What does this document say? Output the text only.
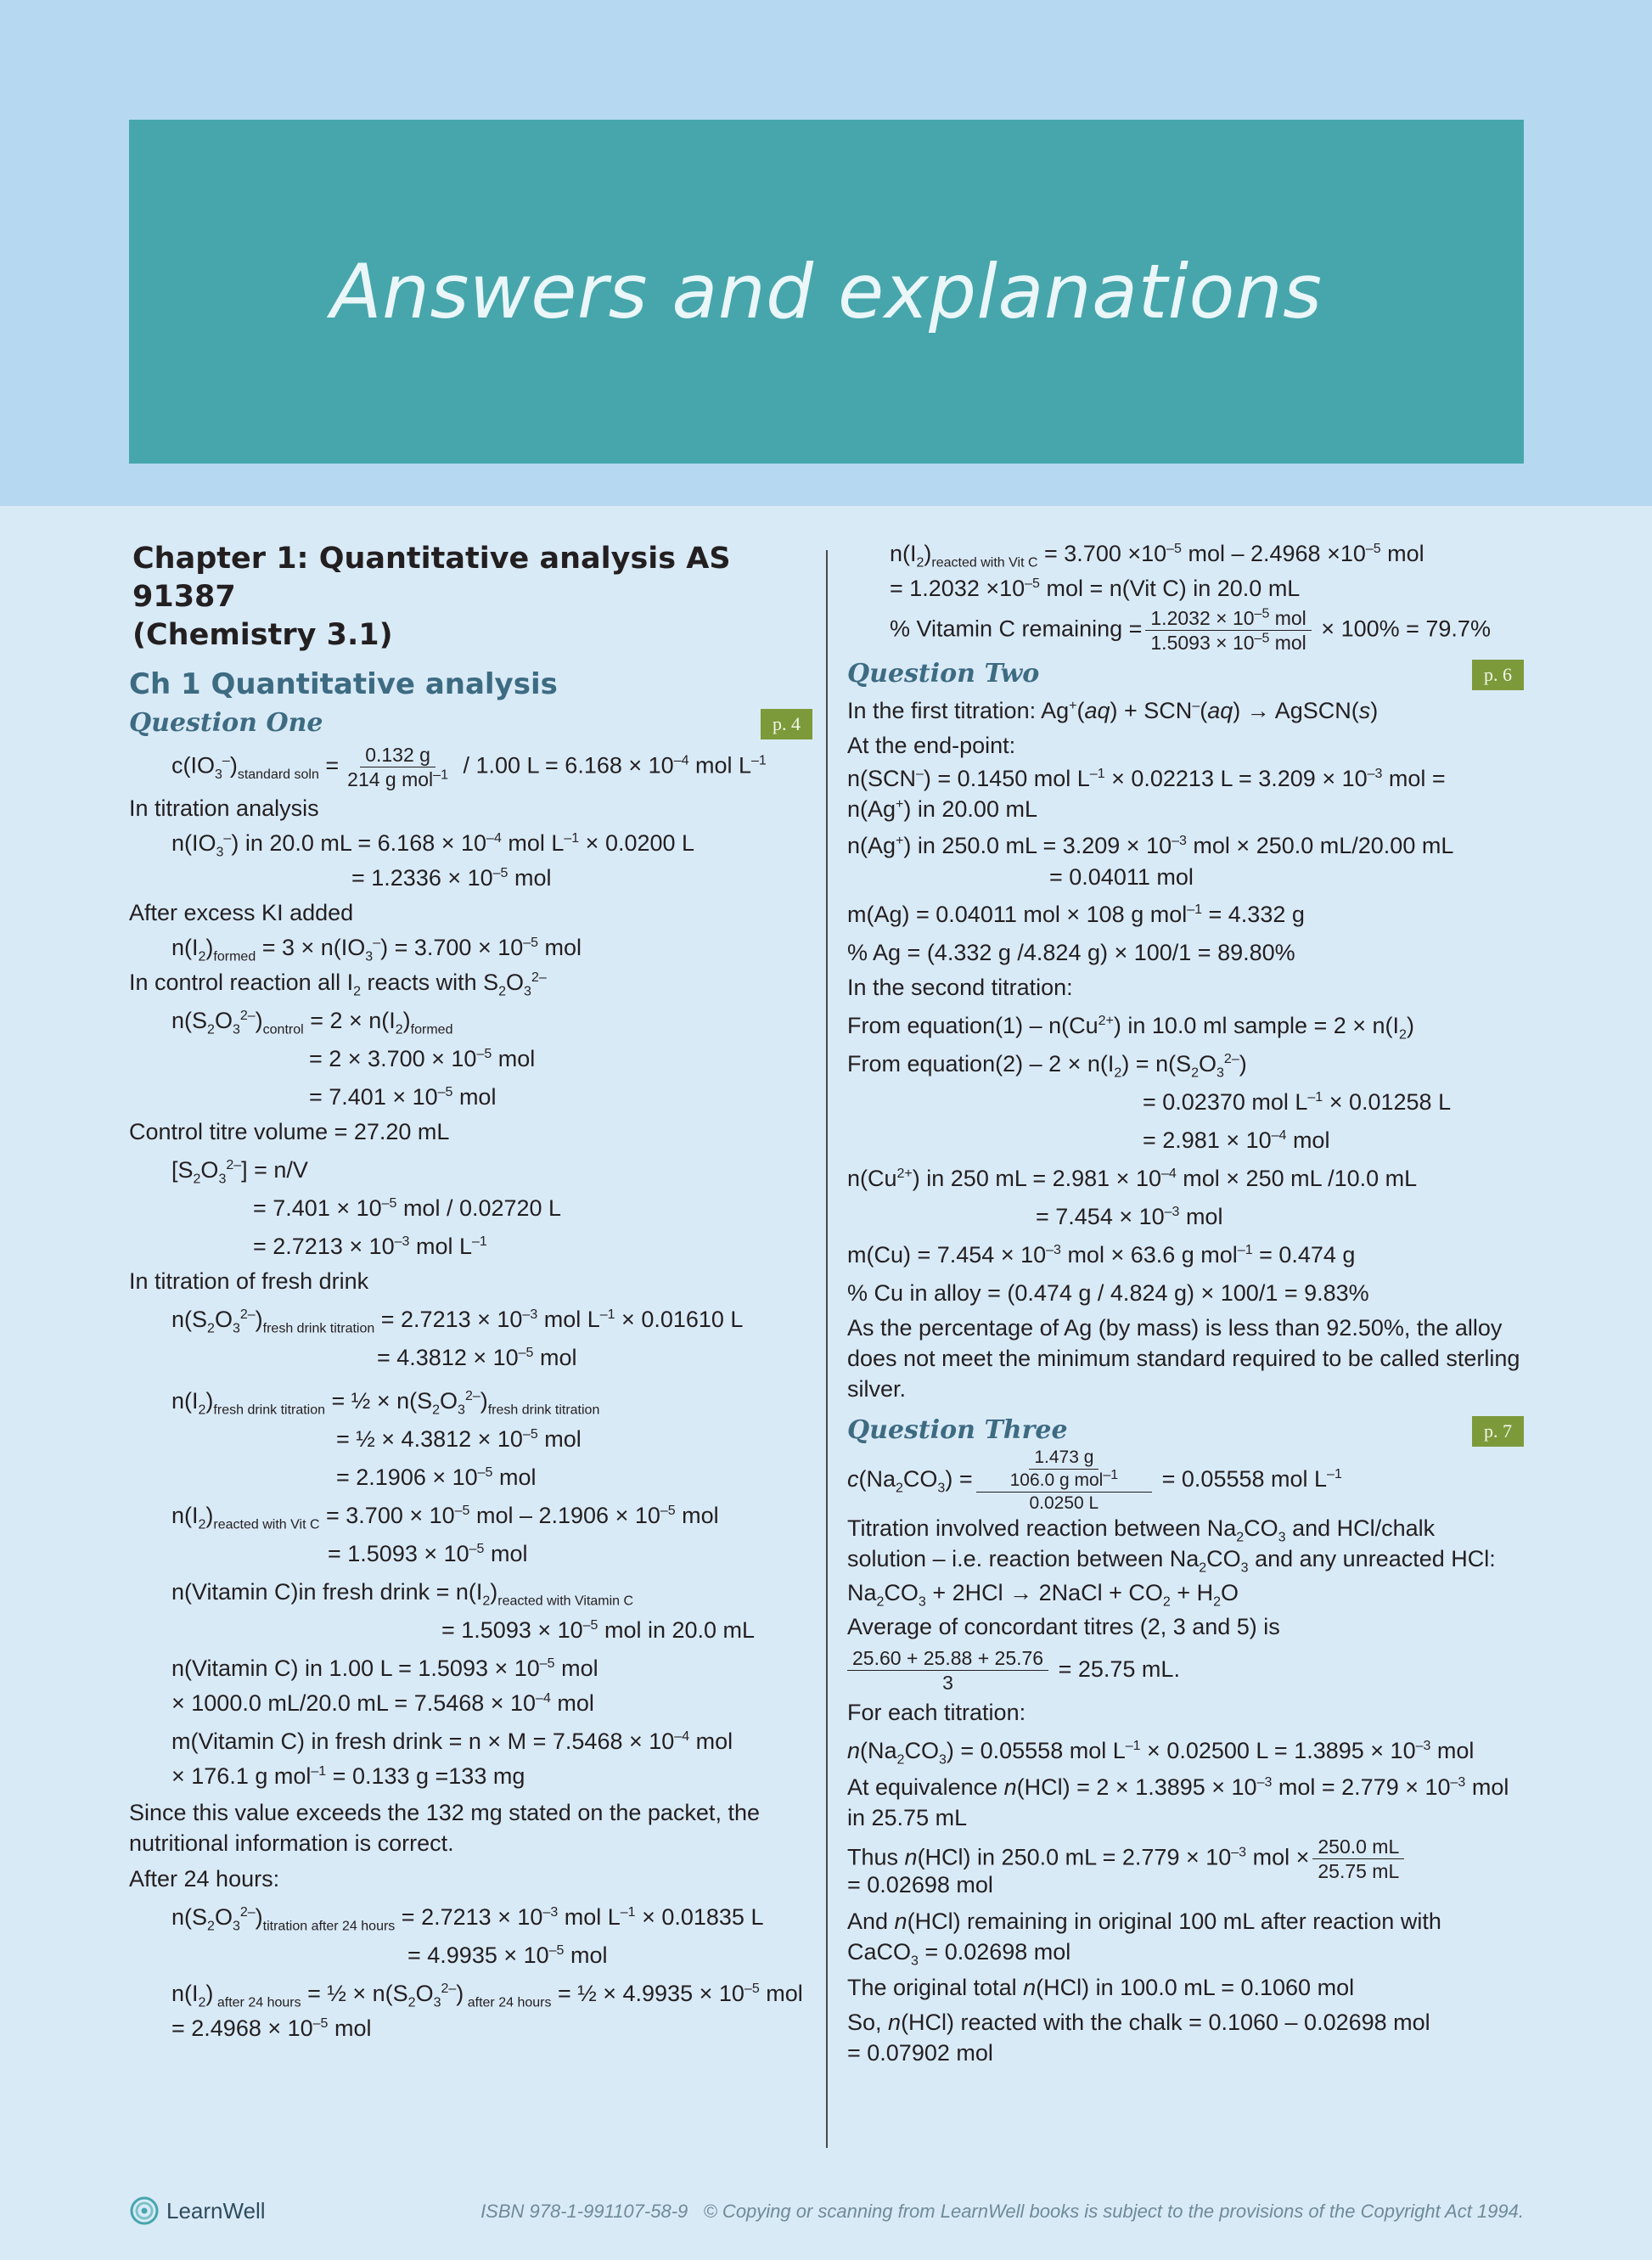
Answers and explanations
Chapter 1: Quantitative analysis AS 91387
(Chemistry 3.1)
Ch 1 Quantitative analysis
Question One	p. 4
$c(IO_3^-)_{standard soln} = \frac{0.132 g}{214 g mol^{-1}} / 1.00$ $L = 6.168 \times 10^{-4}$ mol $L^{-1}$
In titration analysis
$n(IO_3^-)$ in 20.0 mL = $6.168 \times 10^{-4}$ mol $L^{-1} \times 0.0200$ L
= $1.2336 \times 10^{-5}$ mol
After excess KI added
$n(I_2)_{formed} = 3 \times n(IO_3^-) = 3.700 \times 10^{-5}$ mol
In control reaction all $I_2$ reacts with $S_2O_3^{2-}$
$n(S_2O_3^{2-})_{control} = 2 \times n(I_2)_{formed}$
= $2 \times 3.700 \times 10^{-5}$ mol
= $7.401 \times 10^{-5}$ mol
Control titre volume = 27.20 mL
$[S_2O_3^{2-}] = n/V$
= $7.401 \times 10^{-5}$ mol / 0.02720 L
= $2.7213 \times 10^{-3}$ mol $L^{-1}$
In titration of fresh drink
$n(S_2O_3^{2-})_{fresh drink titration} = 2.7213 \times 10^{-3}$ mol $L^{-1} \times 0.01610$ L
= $4.3812 \times 10^{-5}$ mol
$n(I_2)_{fresh drink titration}$ = ½ × $n(S_2O_3^{2-})_{fresh drink titration}$
= ½ × $4.3812 \times 10^{-5}$ mol
= $2.1906 \times 10^{-5}$ mol
$n(I_2)_{reacted with Vit C} = 3.700 \times 10^{-5}$ mol – $2.1906 \times 10^{-5}$ mol
= $1.5093 \times 10^{-5}$ mol
n(Vitamin C)in fresh drink = $n(I_2)_{reacted with Vitamin C}$
= $1.5093 \times 10^{-5}$ mol in 20.0 mL
n(Vitamin C) in 1.00 $L = 1.5093 \times 10^{-5}$ mol
× 1000.0 mL/20.0 mL = $7.5468 \times 10^{-4}$ mol
m(Vitamin C) in fresh drink = $n \times M = 7.5468 \times 10^{-4}$ mol
× 176.1 g mol$^{-1}$ = 0.133 g =133 mg
Since this value exceeds the 132 mg stated on the packet, the nutritional information is correct.
After 24 hours:
$n(S_2O_3^{2-})_{titration after 24 hours} = 2.7213 \times 10^{-3}$ mol $L^{-1} \times 0.01835$ L
= $4.9935 \times 10^{-5}$ mol
$n(I_2) _{after 24 hours}$ = ½ × $n(S_2O_3^{2-}) _{after 24 hours}$ = ½ × $4.9935 \times 10^{-5}$ mol
= $2.4968 \times 10^{-5}$ mol
$n(I_2)_{reacted with Vit C} = 3.700 \times 10^{-5}$ mol – $2.4968 \times 10^{-5}$ mol
= $1.2032 \times 10^{-5}$ mol = n(Vit C) in 20.0 mL
% Vitamin C remaining = $\frac{1.2032 \times 10^{-5} mol}{1.5093 \times 10^{-5} mol} \times 100\% = 79.7\%$
Question Two	p. 6
In the first titration: Ag+(aq) + SCN–(aq) → AgSCN(s)
At the end-point:
n(SCN–) = 0.1450 mol $L^{-1} \times 0.02213$ $L = 3.209 \times 10^{-3}$ mol =
n(Ag+) in 20.00 mL
n(Ag+) in 250.0 mL = $3.209 \times 10^{-3}$ mol × 250.0 mL/20.00 mL
= 0.04011 mol
m(Ag) = 0.04011 mol × 108 g mol$^{-1}$ = 4.332 g
% Ag = (4.332 g /4.824 g) × 100/1 = 89.80%
In the second titration:
From equation(1) – $n(Cu^{2+})$ in 10.0 ml sample = $2 \times n(I_2)$
From equation(2) – $2 \times n(I_2) = n(S_2O_3^{2-})$
= 0.02370 mol $L^{-1} \times 0.01258$ L
= $2.981 \times 10^{-4}$ mol
$n(Cu^{2+})$ in 250 mL = $2.981 \times 10^{-4}$ mol × 250 mL /10.0 mL
= $7.454 \times 10^{-3}$ mol
$m(Cu) = 7.454 \times 10^{-3}$ mol × 63.6 g mol$^{-1}$ = 0.474 g
% Cu in alloy = (0.474 g / 4.824 g) × 100/1 = 9.83%
As the percentage of Ag (by mass) is less than 92.50%, the alloy does not meet the minimum standard required to be called sterling silver.
Question Three	p. 7
$c(Na_2CO_3) = 1.473$ g
106.0 g mol$^{-1}$
0.0250 L = 0.05558 mol $L^{-1}$
Titration involved reaction between $Na_2CO_3$ and HCl/chalk
solution – i.e. reaction between $Na_2CO_3$ and any unreacted HCl:
$Na_2CO_3 + 2HCl$ → 2NaCl + $CO_2 + H_2O$
Average of concordant titres (2, 3 and 5) is
$\frac{25.60 + 25.88 + 25.76}{3} = 25.75$ mL.
For each titration:
$n(Na_2CO_3) = 0.05558$ mol $L^{-1} \times 0.02500$ $L = 1.3895 \times 10^{-3}$ mol
At equivalence $n(HCl) = 2 \times 1.3895 \times 10^{-3}$ mol = $2.779 \times 10^{-3}$ mol
in 25.75 mL
Thus n(HCl) in 250.0 mL = $2.779 \times 10^{-3}$ mol × $\frac{250.0 mL}{25.75 mL}$
= 0.02698 mol
And n(HCl) remaining in original 100 mL after reaction with
CaCO$_3$ = 0.02698 mol
The original total n(HCl) in 100.0 mL = 0.1060 mol
So, n(HCl) reacted with the chalk = 0.1060 – 0.02698 mol
= 0.07902 mol
LearnWell	ISBN 978-1-991107-58-9 © Copying or scanning from LearnWell books is subject to the provisions of the Copyright Act 1994.
